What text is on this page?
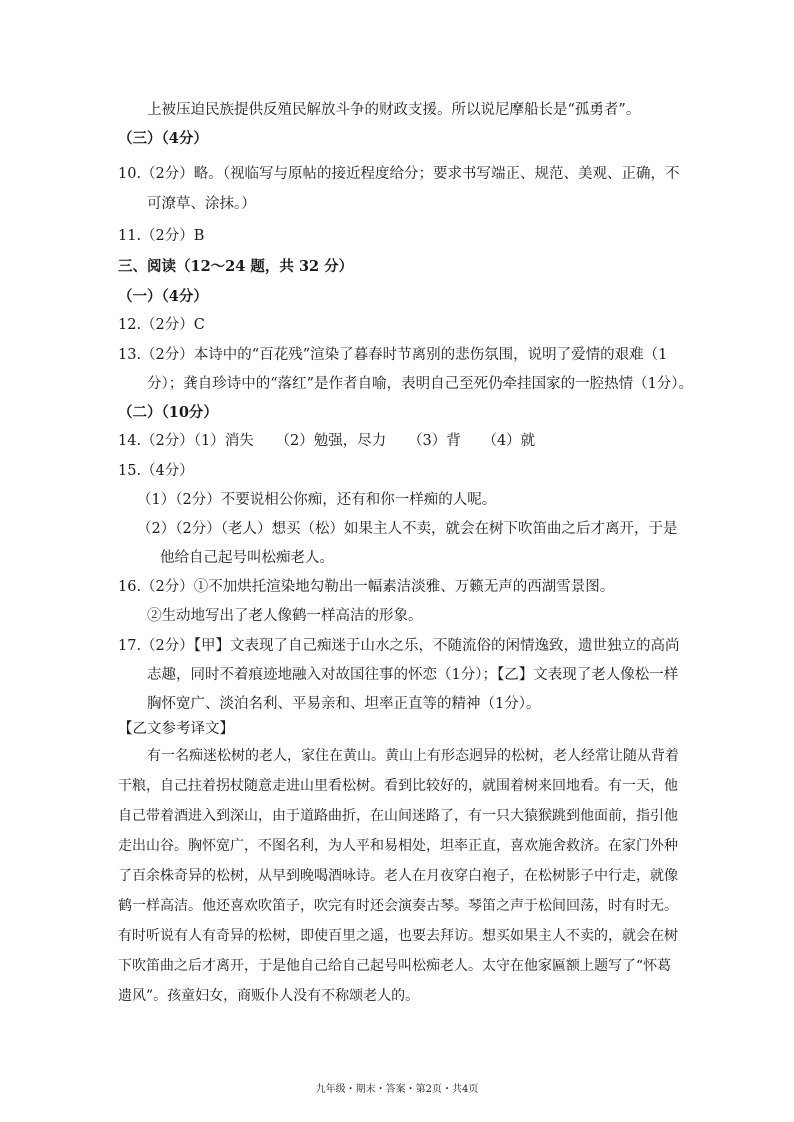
上被压迫民族提供反殖民解放斗争的财政支援。所以说尼摩船长是“孤勇者”。
（三）（4分）
10.（2分）略。（视临写与原帖的接近程度给分；要求书写端正、规范、美观、正确，不
可潦草、涂抹。）
11.（2分）B
三、阅读（12～24 题，共 32 分）
（一）（4分）
12.（2分）C
13.（2分）本诗中的“百花残”渲染了暮春时节离别的悲伤氛围，说明了爱情的艰难（1
分）；龚自珍诗中的“落红”是作者自喻，表明自己至死仍牵挂国家的一腔热情（1分）。
（二）（10分）
14.（2分）（1）消失　　（2）勉强，尽力　　（3）背　　（4）就
15.（4分）
（1）（2分）不要说相公你痴，还有和你一样痴的人呢。
（2）（2分）（老人）想买（松）如果主人不卖，就会在树下吹笛曲之后才离开，于是
他给自己起号叫松痴老人。
16.（2分）①不加烘托渲染地勾勒出一幅素洁淡雅、万籁无声的西湖雪景图。
②生动地写出了老人像鹤一样高洁的形象。
17.（2分）【甲】文表现了自己痴迷于山水之乐，不随流俗的闲情逸致，遗世独立的高尚
志趣，同时不着痕迹地融入对故国往事的怀恋（1分）；【乙】文表现了老人像松一样
胸怀宽广、淡泊名利、平易亲和、坦率正直等的精神（1分）。
【乙文参考译文】
有一名痴迷松树的老人，家住在黄山。黄山上有形态迥异的松树，老人经常让随从背着
干粮，自己拄着拐杖随意走进山里看松树。看到比较好的，就围着树来回地看。有一天，他
自己带着酒进入到深山，由于道路曲折，在山间迷路了，有一只大猿猴跳到他面前，指引他
走出山谷。胸怀宽广，不图名利，为人平和易相处，坦率正直，喜欢施舍救济。在家门外种
了百余株奇异的松树，从早到晚喝酒咏诗。老人在月夜穿白袍子，在松树影子中行走，就像
鹤一样高洁。他还喜欢吹笛子，吹完有时还会演奏古琴。琴笛之声于松间回荡，时有时无。
有时听说有人有奇异的松树，即使百里之遥，也要去拜访。想买如果主人不卖的，就会在树
下吹笛曲之后才离开，于是他自己给自己起号叫松痴老人。太守在他家匾额上题写了“怀葛
遗风”。孩童妇女，商贩仆人没有不称颂老人的。
九年级・期末・答案・第2页・共4页
